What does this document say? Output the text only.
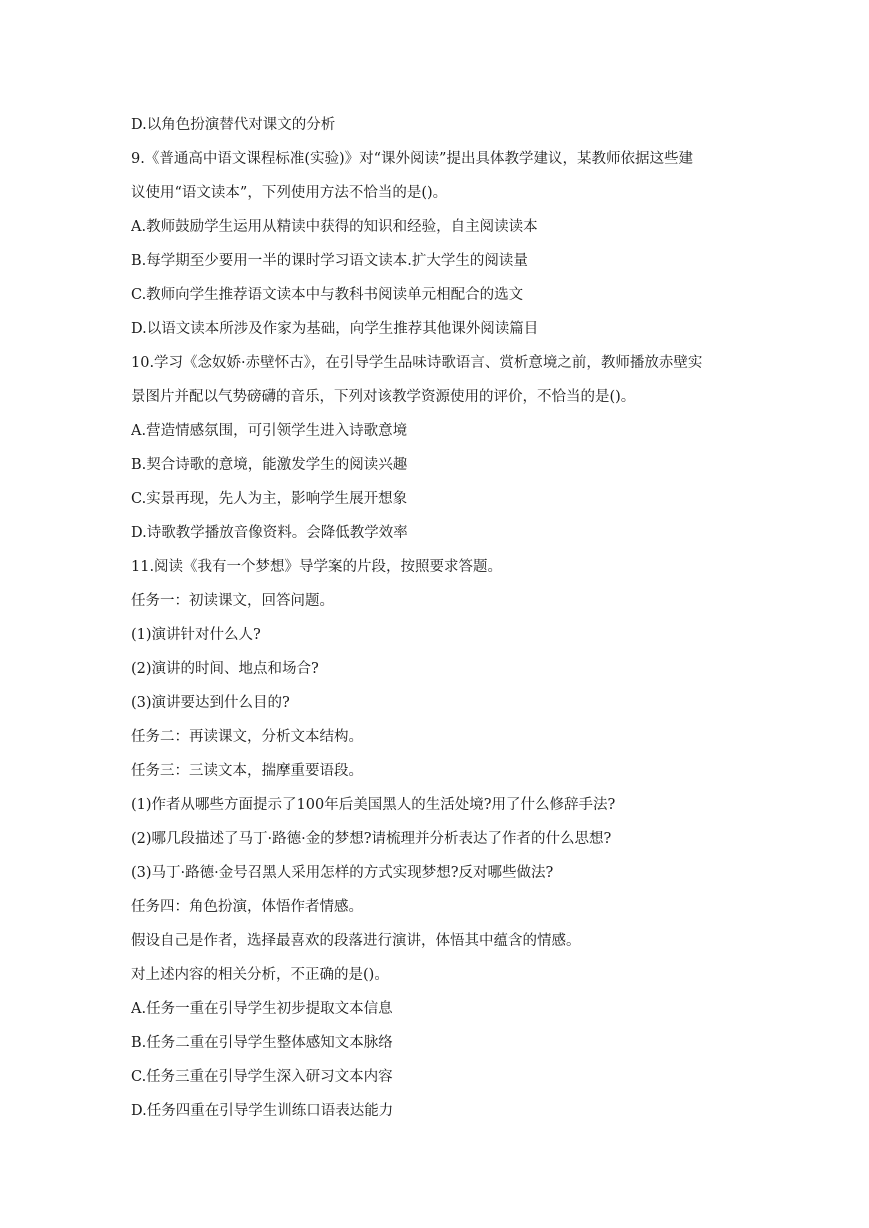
D.以角色扮演替代对课文的分析
9.《普通高中语文课程标准(实验)》对“课外阅读”提出具体教学建议，某教师依据这些建
议使用“语文读本”，下列使用方法不恰当的是()。
A.教师鼓励学生运用从精读中获得的知识和经验，自主阅读读本
B.每学期至少要用一半的课时学习语文读本.扩大学生的阅读量
C.教师向学生推荐语文读本中与教科书阅读单元相配合的选文
D.以语文读本所涉及作家为基础，向学生推荐其他课外阅读篇目
10.学习《念奴娇·赤壁怀古》，在引导学生品味诗歌语言、赏析意境之前，教师播放赤壁实
景图片并配以气势磅礴的音乐，下列对该教学资源使用的评价，不恰当的是()。
A.营造情感氛围，可引领学生进入诗歌意境
B.契合诗歌的意境，能激发学生的阅读兴趣
C.实景再现，先人为主，影响学生展开想象
D.诗歌教学播放音像资料。会降低教学效率
11.阅读《我有一个梦想》导学案的片段，按照要求答题。
任务一：初读课文，回答问题。
(1)演讲针对什么人?
(2)演讲的时间、地点和场合?
(3)演讲要达到什么目的?
任务二：再读课文，分析文本结构。
任务三：三读文本，揣摩重要语段。
(1)作者从哪些方面提示了100年后美国黑人的生活处境?用了什么修辞手法?
(2)哪几段描述了马丁·路德·金的梦想?请梳理并分析表达了作者的什么思想?
(3)马丁·路德·金号召黑人采用怎样的方式实现梦想?反对哪些做法?
任务四：角色扮演，体悟作者情感。
假设自己是作者，选择最喜欢的段落进行演讲，体悟其中蕴含的情感。
对上述内容的相关分析，不正确的是()。
A.任务一重在引导学生初步提取文本信息
B.任务二重在引导学生整体感知文本脉络
C.任务三重在引导学生深入研习文本内容
D.任务四重在引导学生训练口语表达能力
